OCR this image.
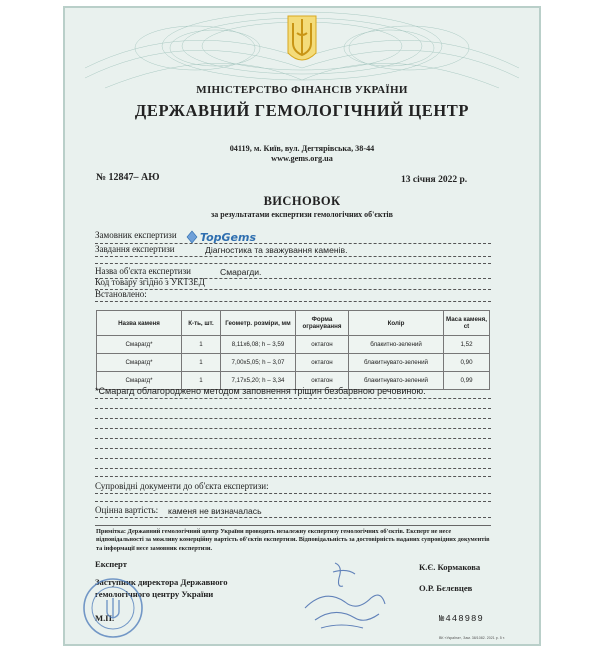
МІНІСТЕРСТВО ФІНАНСІВ УКРАЇНИ
ДЕРЖАВНИЙ ГЕМОЛОГІЧНИЙ ЦЕНТР
04119, м. Київ, вул. Дегтярівська, 38-44
www.gems.org.ua
№ 12847– АЮ	13 січня 2022 р.
ВИСНОВОК
за результатами експертизи гемологічних об'єктів
Замовник експертизи TopGems
Завдання експертизи	Діагностика та зважування каменів.
Назва об'єкта експертизи	Смарагди.
Код товару згідно з УКТЗЕД
Встановлено:
Назва каменя	К-ть, шт.	Геометр. розміри, мм	Форма огранування	Колір	Маса каменя, ct
Смарагд*	1	8,11х6,08; h – 3,59	октагон	блакитно-зелений	1,52
Смарагд*	1	7,00х5,05; h – 3,07	октагон	блакитнувато-зелений	0,90
Смарагд*	1	7,17х5,20; h – 3,34	октагон	блакитнувато-зелений	0,99
*Смарагд облагороджено методом заповнення тріщин безбарвною речовиною.
Супровідні документи до об'єкта експертизи:
Оцінна вартість: каменя не визначалась
Примітка: Державний гемологічний центр України проводить незалежну експертизу гемологічних об'єктів. Експерт не несе відповідальності за можливу комерційну вартість об'єктів експертизи. Відповідальність за достовірність наданих супровідних документів та інформації несе замовник експертизи.
Експерт	К.Є. Кормакова
Заступник директора Державного
гемологічного центру України
О.Р. Бєлєвцев
М.П.	№448989
ВК «Україна», Зам. 38/1082. 2021 р. 5 т.
